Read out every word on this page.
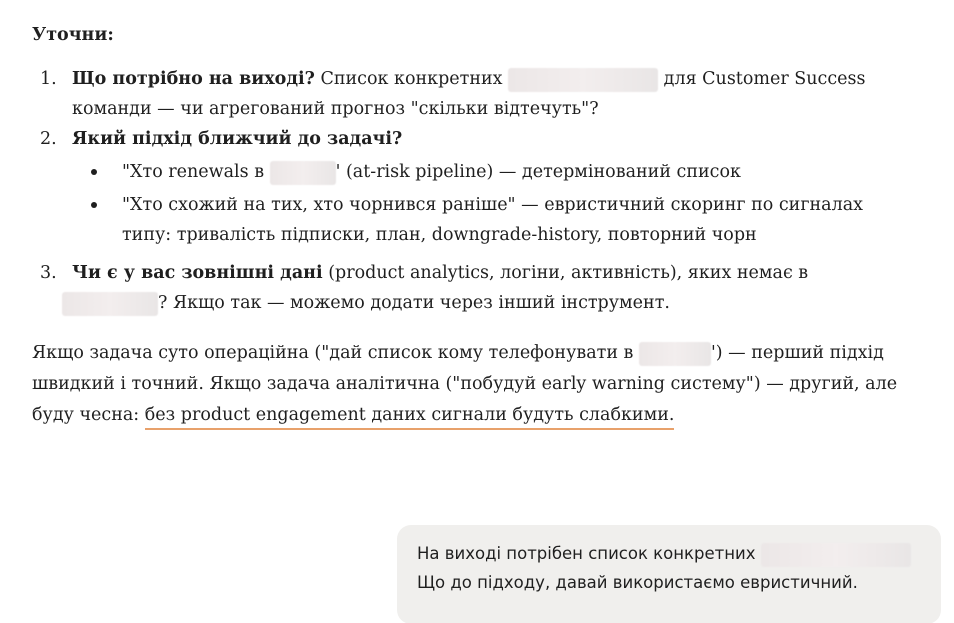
Уточни:
1. Що потрібно на виході? Список конкретних	для Customer Success
команди — чи агрегований прогноз "скільки відтечуть"?
2. Який підхід ближчий до задачі?
"Хто renewals в	' (at-risk pipeline) — детермінований список
"Хто схожий на тих, хто чорнився раніше" — евристичний скоринг по сигналах
типу: тривалість підписки, план, downgrade-history, повторний чорн
3. Чи є у вас зовнішні дані (product analytics, логіни, активність), яких немає в
? Якщо так — можемо додати через інший інструмент.
Якщо задача суто операційна ("дай список кому телефонувати в	') — перший підхід швидкий і точний. Якщо задача аналітична ("побудуй early warning систему") — другий, але буду чесна: без product engagement даних сигнали будуть слабкими.
На виході потрібен список конкретних
Що до підходу, давай використаємо евристичний.
